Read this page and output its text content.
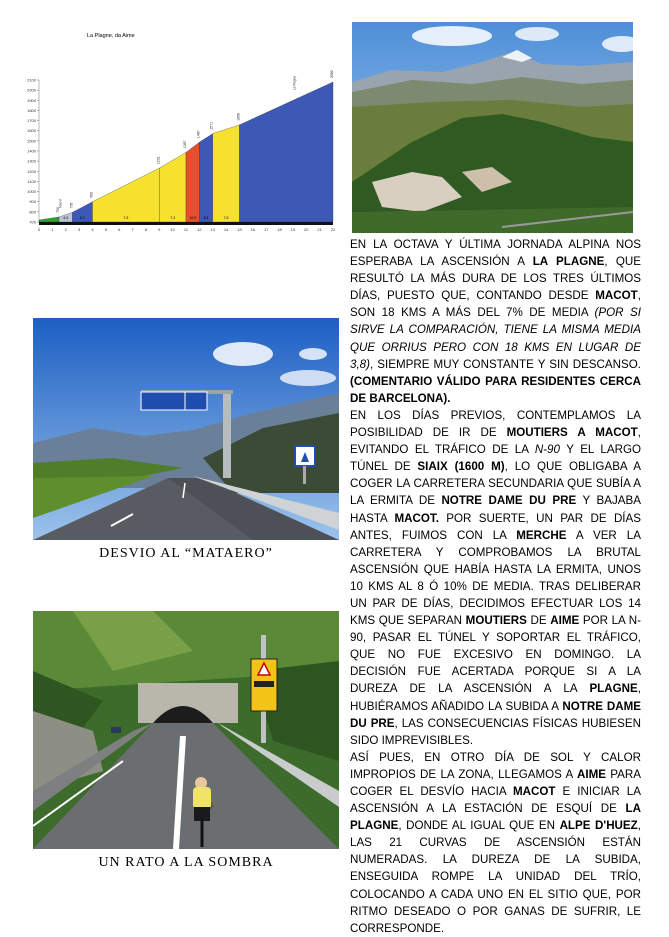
La Plagne, da Aime
700
800
900
1000
1100
1200
1300
1400
1500
1600
1700
1800
1900
2000
2100
750
795
4.5
900
6.7
1231
7.3
1387
7.3
1487
10.0
1571
8.4
1658
7.6
2080
0	1	2	3	4	5	6	7	8	9	10 11 12 13 14 15 16 17 18 19 20 21 22
Macot
La Plagne
DESVIO AL “MATAERO”
UN RATO A LA SOMBRA

EN LA OCTAVA Y ÚLTIMA JORNADA ALPINA NOS ESPERABA LA ASCENSIÓN A LA PLAGNE, QUE RESULTÓ LA MÁS DURA DE LOS TRES ÚLTIMOS DÍAS, PUESTO QUE, CONTANDO DESDE MACOT, SON 18 KMS A MÁS DEL 7% DE MEDIA (POR SI SIRVE LA COMPARACIÓN, TIENE LA MISMA MEDIA QUE ORRIUS PERO CON 18 KMS EN LUGAR DE 3,8), SIEMPRE MUY CONSTANTE Y SIN DESCANSO. (COMENTARIO VÁLIDO PARA RESIDENTES CERCA DE BARCELONA).

EN LOS DÍAS PREVIOS, CONTEMPLAMOS LA POSIBILIDAD DE IR DE MOUTIERS A MACOT, EVITANDO EL TRÁFICO DE LA N-90 Y EL LARGO TÚNEL DE SIAIX (1600 M), LO QUE OBLIGABA A COGER LA CARRETERA SECUNDARIA QUE SUBÍA A LA ERMITA DE NOTRE DAME DU PRE Y BAJABA HASTA MACOT. POR SUERTE, UN PAR DE DÍAS ANTES, FUIMOS CON LA MERCHE A VER LA CARRETERA Y COMPROBAMOS LA BRUTAL ASCENSIÓN QUE HABÍA HASTA LA ERMITA, UNOS 10 KMS AL 8 Ó 10% DE MEDIA. TRAS DELIBERAR UN PAR DE DÍAS, DECIDIMOS EFECTUAR LOS 14 KMS QUE SEPARAN MOUTIERS DE AIME POR LA N-90, PASAR EL TÚNEL Y SOPORTAR EL TRÁFICO, QUE NO FUE EXCESIVO EN DOMINGO. LA DECISIÓN FUE ACERTADA PORQUE SI A LA DUREZA DE LA ASCENSIÓN A LA PLAGNE, HUBIÉRAMOS AÑADIDO LA SUBIDA A NOTRE DAME DU PRE, LAS CONSECUENCIAS FÍSICAS HUBIESEN SIDO IMPREVISIBLES.

ASÍ PUES, EN OTRO DÍA DE SOL Y CALOR IMPROPIOS DE LA ZONA, LLEGAMOS A AIME PARA COGER EL DESVÍO HACIA MACOT E INICIAR LA ASCENSIÓN A LA ESTACIÓN DE ESQUÍ DE LA PLAGNE, DONDE AL IGUAL QUE EN ALPE D'HUEZ, LAS 21 CURVAS DE ASCENSIÓN ESTÁN NUMERADAS. LA DUREZA DE LA SUBIDA, ENSEGUIDA ROMPE LA UNIDAD DEL TRÍO, COLOCANDO A CADA UNO EN EL SITIO QUE, POR RITMO DESEADO O POR GANAS DE SUFRIR, LE CORRESPONDE.
